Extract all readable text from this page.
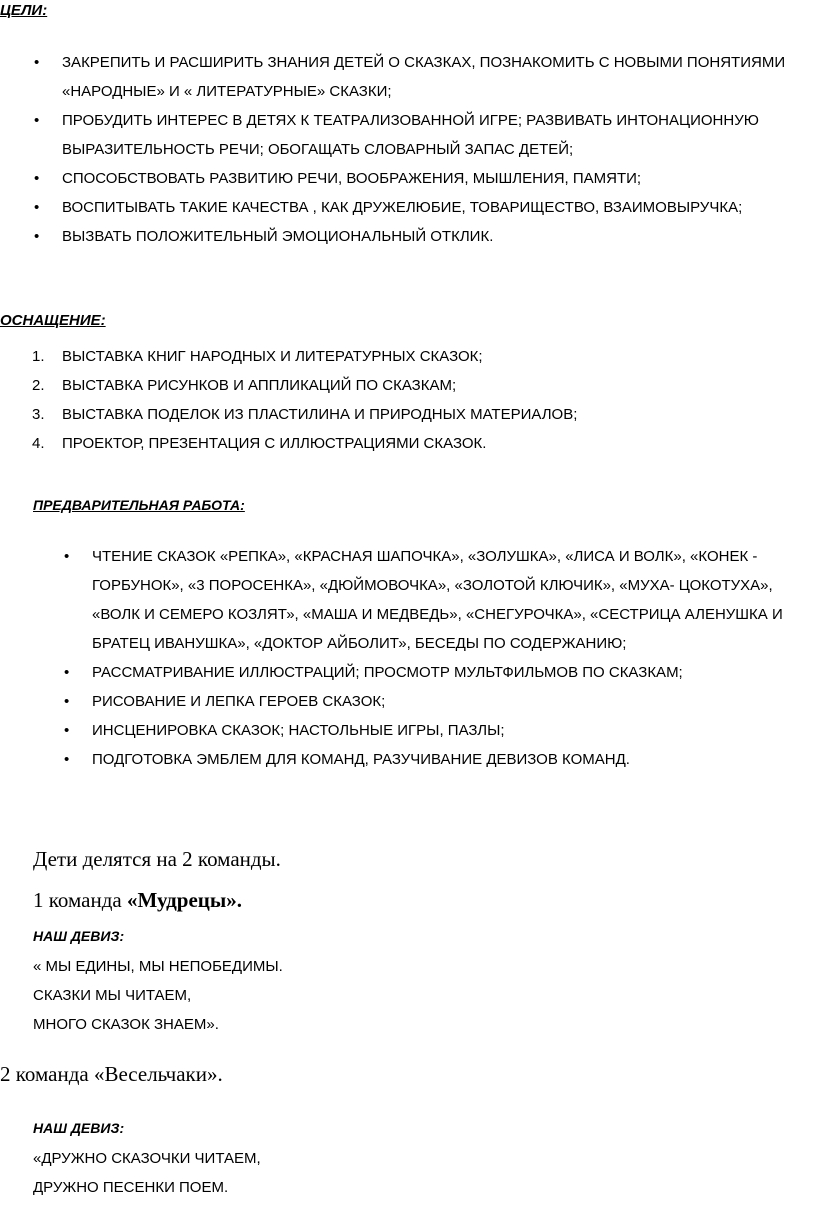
ЦЕЛИ:
• ЗАКРЕПИТЬ И РАСШИРИТЬ ЗНАНИЯ ДЕТЕЙ О СКАЗКАХ, ПОЗНАКОМИТЬ С НОВЫМИ ПОНЯТИЯМИ «НАРОДНЫЕ» И « ЛИТЕРАТУРНЫЕ» СКАЗКИ;
• ПРОБУДИТЬ ИНТЕРЕС В ДЕТЯХ К ТЕАТРАЛИЗОВАННОЙ ИГРЕ; РАЗВИВАТЬ ИНТОНАЦИОННУЮ ВЫРАЗИТЕЛЬНОСТЬ РЕЧИ; ОБОГАЩАТЬ СЛОВАРНЫЙ ЗАПАС ДЕТЕЙ;
• СПОСОБСТВОВАТЬ РАЗВИТИЮ РЕЧИ, ВООБРАЖЕНИЯ, МЫШЛЕНИЯ, ПАМЯТИ;
• ВОСПИТЫВАТЬ ТАКИЕ КАЧЕСТВА , КАК ДРУЖЕЛЮБИЕ, ТОВАРИЩЕСТВО, ВЗАИМОВЫРУЧКА;
• ВЫЗВАТЬ ПОЛОЖИТЕЛЬНЫЙ ЭМОЦИОНАЛЬНЫЙ ОТКЛИК.
ОСНАЩЕНИЕ:
1. ВЫСТАВКА КНИГ НАРОДНЫХ И ЛИТЕРАТУРНЫХ СКАЗОК;
2. ВЫСТАВКА РИСУНКОВ И АППЛИКАЦИЙ ПО СКАЗКАМ;
3. ВЫСТАВКА ПОДЕЛОК ИЗ ПЛАСТИЛИНА И ПРИРОДНЫХ МАТЕРИАЛОВ;
4. ПРОЕКТОР, ПРЕЗЕНТАЦИЯ С ИЛЛЮСТРАЦИЯМИ СКАЗОК.
ПРЕДВАРИТЕЛЬНАЯ РАБОТА:
• ЧТЕНИЕ СКАЗОК «РЕПКА», «КРАСНАЯ ШАПОЧКА», «ЗОЛУШКА», «ЛИСА И ВОЛК», «КОНЕК - ГОРБУНОК», «3 ПОРОСЕНКА», «ДЮЙМОВОЧКА», «ЗОЛОТОЙ КЛЮЧИК», «МУХА- ЦОКОТУХА», «ВОЛК И СЕМЕРО КОЗЛЯТ», «МАША И МЕДВЕДЬ», «СНЕГУРОЧКА», «СЕСТРИЦА АЛЕНУШКА И БРАТЕЦ ИВАНУШКА», «ДОКТОР АЙБОЛИТ», БЕСЕДЫ ПО СОДЕРЖАНИЮ;
• РАССМАТРИВАНИЕ ИЛЛЮСТРАЦИЙ; ПРОСМОТР МУЛЬТФИЛЬМОВ ПО СКАЗКАМ;
• РИСОВАНИЕ И ЛЕПКА ГЕРОЕВ СКАЗОК;
• ИНСЦЕНИРОВКА СКАЗОК; НАСТОЛЬНЫЕ ИГРЫ, ПАЗЛЫ;
• ПОДГОТОВКА ЭМБЛЕМ ДЛЯ КОМАНД, РАЗУЧИВАНИЕ ДЕВИЗОВ КОМАНД.
Дети делятся на 2 команды.
1 команда «Мудрецы».
НАШ ДЕВИЗ:
« МЫ ЕДИНЫ, МЫ НЕПОБЕДИМЫ.
СКАЗКИ МЫ ЧИТАЕМ,
МНОГО СКАЗОК ЗНАЕМ».
2 команда «Весельчаки».
НАШ ДЕВИЗ:
«ДРУЖНО СКАЗОЧКИ ЧИТАЕМ,
ДРУЖНО ПЕСЕНКИ ПОЕМ.
